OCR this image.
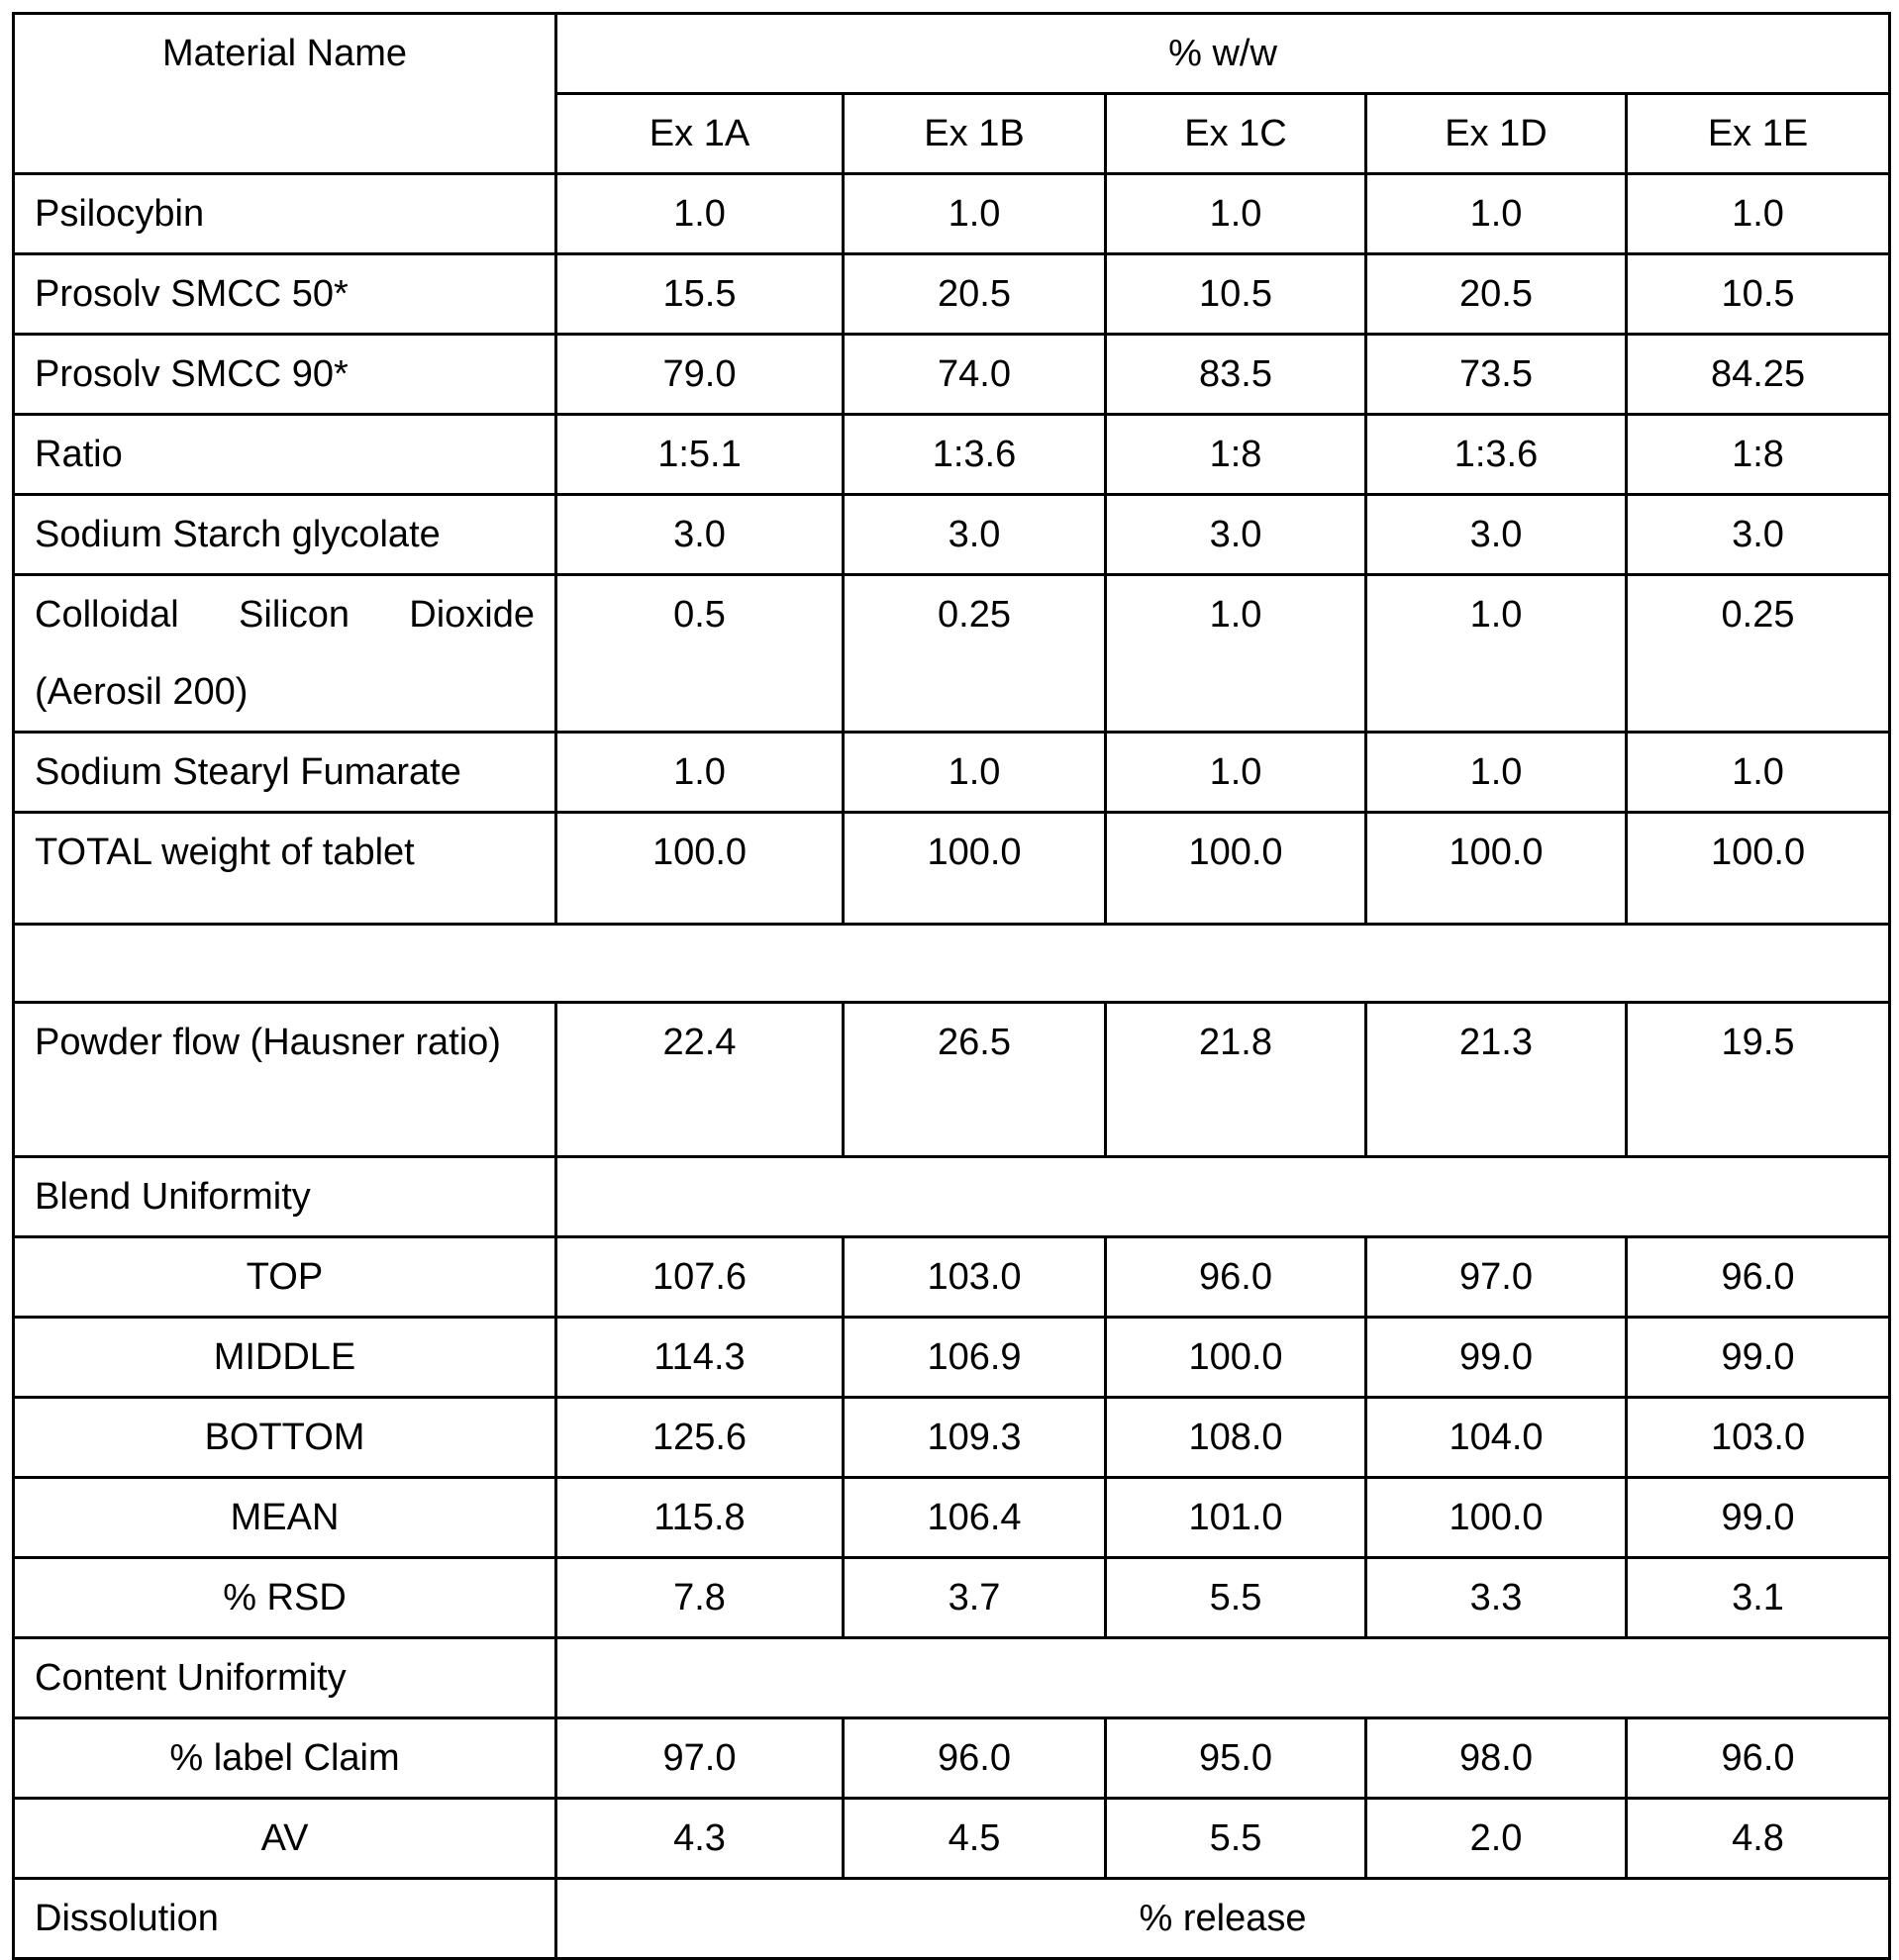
Material Name	% w/w				
	Ex 1A	Ex 1B	Ex 1C	Ex 1D	Ex 1E
Psilocybin	1.0	1.0	1.0	1.0	1.0
Prosolv SMCC 50*	15.5	20.5	10.5	20.5	10.5
Prosolv SMCC 90*	79.0	74.0	83.5	73.5	84.25
Ratio	1:5.1	1:3.6	1:8	1:3.6	1:8
Sodium Starch glycolate	3.0	3.0	3.0	3.0	3.0
Colloidal Silicon Dioxide (Aerosil 200)	0.5	0.25	1.0	1.0	0.25
Sodium Stearyl Fumarate	1.0	1.0	1.0	1.0	1.0
TOTAL weight of tablet	100.0	100.0	100.0	100.0	100.0

Powder flow (Hausner ratio)	22.4	26.5	21.8	21.3	19.5
Blend Uniformity					
TOP	107.6	103.0	96.0	97.0	96.0
MIDDLE	114.3	106.9	100.0	99.0	99.0
BOTTOM	125.6	109.3	108.0	104.0	103.0
MEAN	115.8	106.4	101.0	100.0	99.0
% RSD	7.8	3.7	5.5	3.3	3.1
Content Uniformity					
% label Claim	97.0	96.0	95.0	98.0	96.0
AV	4.3	4.5	5.5	2.0	4.8
Dissolution	% release				
